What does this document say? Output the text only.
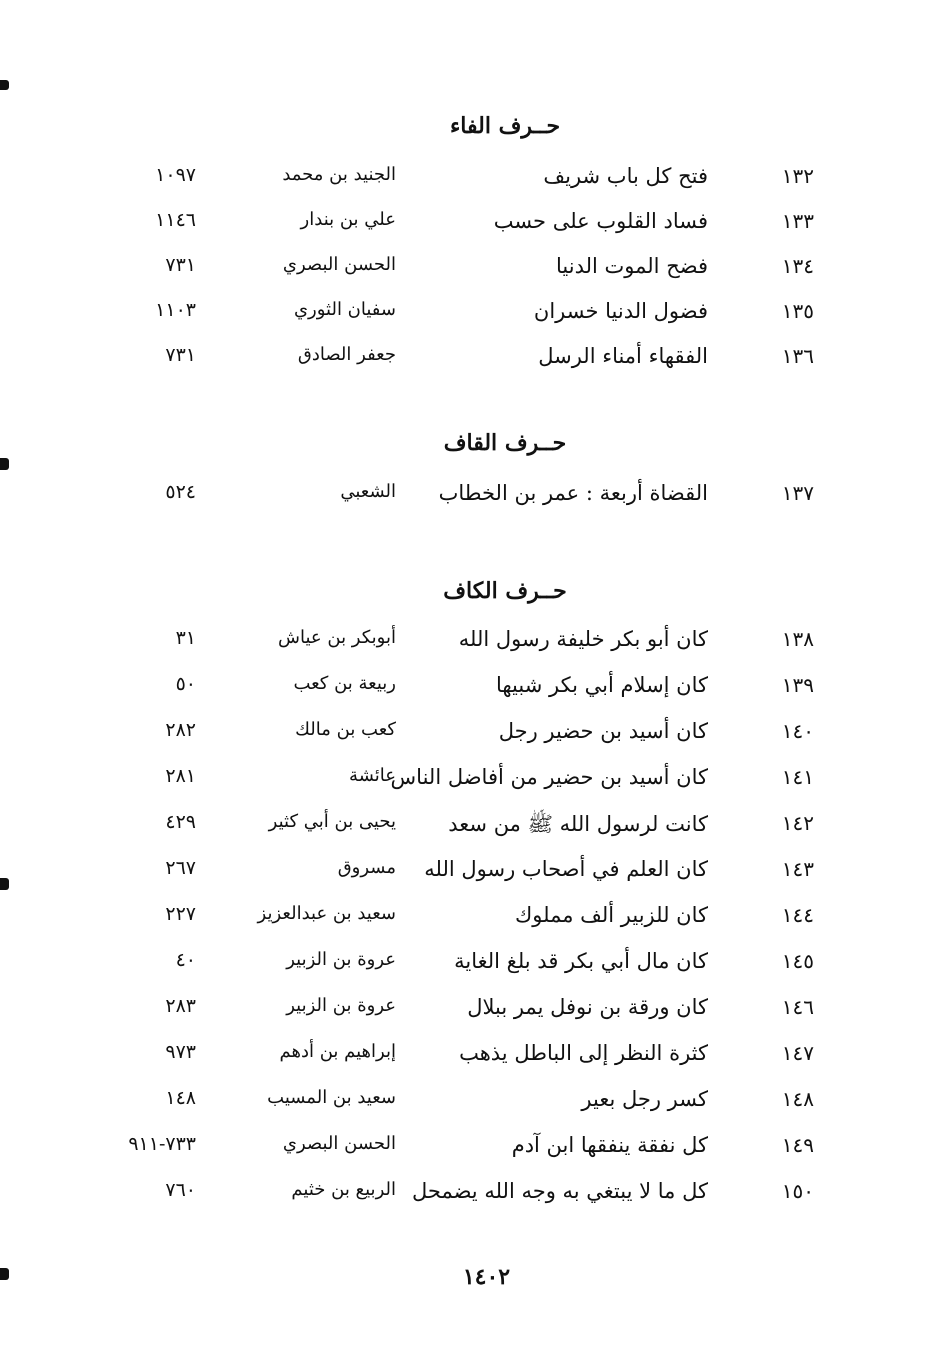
حــرف الفاء
١٣٢
فتح كل باب شريف
الجنيد بن محمد
١٠٩٧
١٣٣
فساد القلوب على حسب
علي بن بندار
١١٤٦
١٣٤
فضح الموت الدنيا
الحسن البصري
٧٣١
١٣٥
فضول الدنيا خسران
سفيان الثوري
١١٠٣
١٣٦
الفقهاء أمناء الرسل
جعفر الصادق
٧٣١
حــرف القاف
١٣٧
القضاة أربعة : عمر بن الخطاب
الشعبي
٥٢٤
حــرف الكاف
١٣٨
كان أبو بكر خليفة رسول الله
أبوبكر بن عياش
٣١
١٣٩
كان إسلام أبي بكر شبيها
ربيعة بن كعب
٥٠
١٤٠
كان أسيد بن حضير رجل
كعب بن مالك
٢٨٢
١٤١
كان أسيد بن حضير من أفاضل الناس
عائشة
٢٨١
١٤٢
كانت لرسول الله ﷺ من سعد
يحيى بن أبي كثير
٤٢٩
١٤٣
كان العلم في أصحاب رسول الله
مسروق
٢٦٧
١٤٤
كان للزبير ألف مملوك
سعيد بن عبدالعزيز
٢٢٧
١٤٥
كان مال أبي بكر قد بلغ الغاية
عروة بن الزبير
٤٠
١٤٦
كان ورقة بن نوفل يمر ببلال
عروة بن الزبير
٢٨٣
١٤٧
كثرة النظر إلى الباطل يذهب
إبراهيم بن أدهم
٩٧٣
١٤٨
كسر رجل بعير
سعيد بن المسيب
١٤٨
١٤٩
كل نفقة ينفقها ابن آدم
الحسن البصري
٧٣٣-٩١١
١٥٠
كل ما لا يبتغي به وجه الله يضمحل
الربيع بن خثيم
٧٦٠
١٤٠٢
